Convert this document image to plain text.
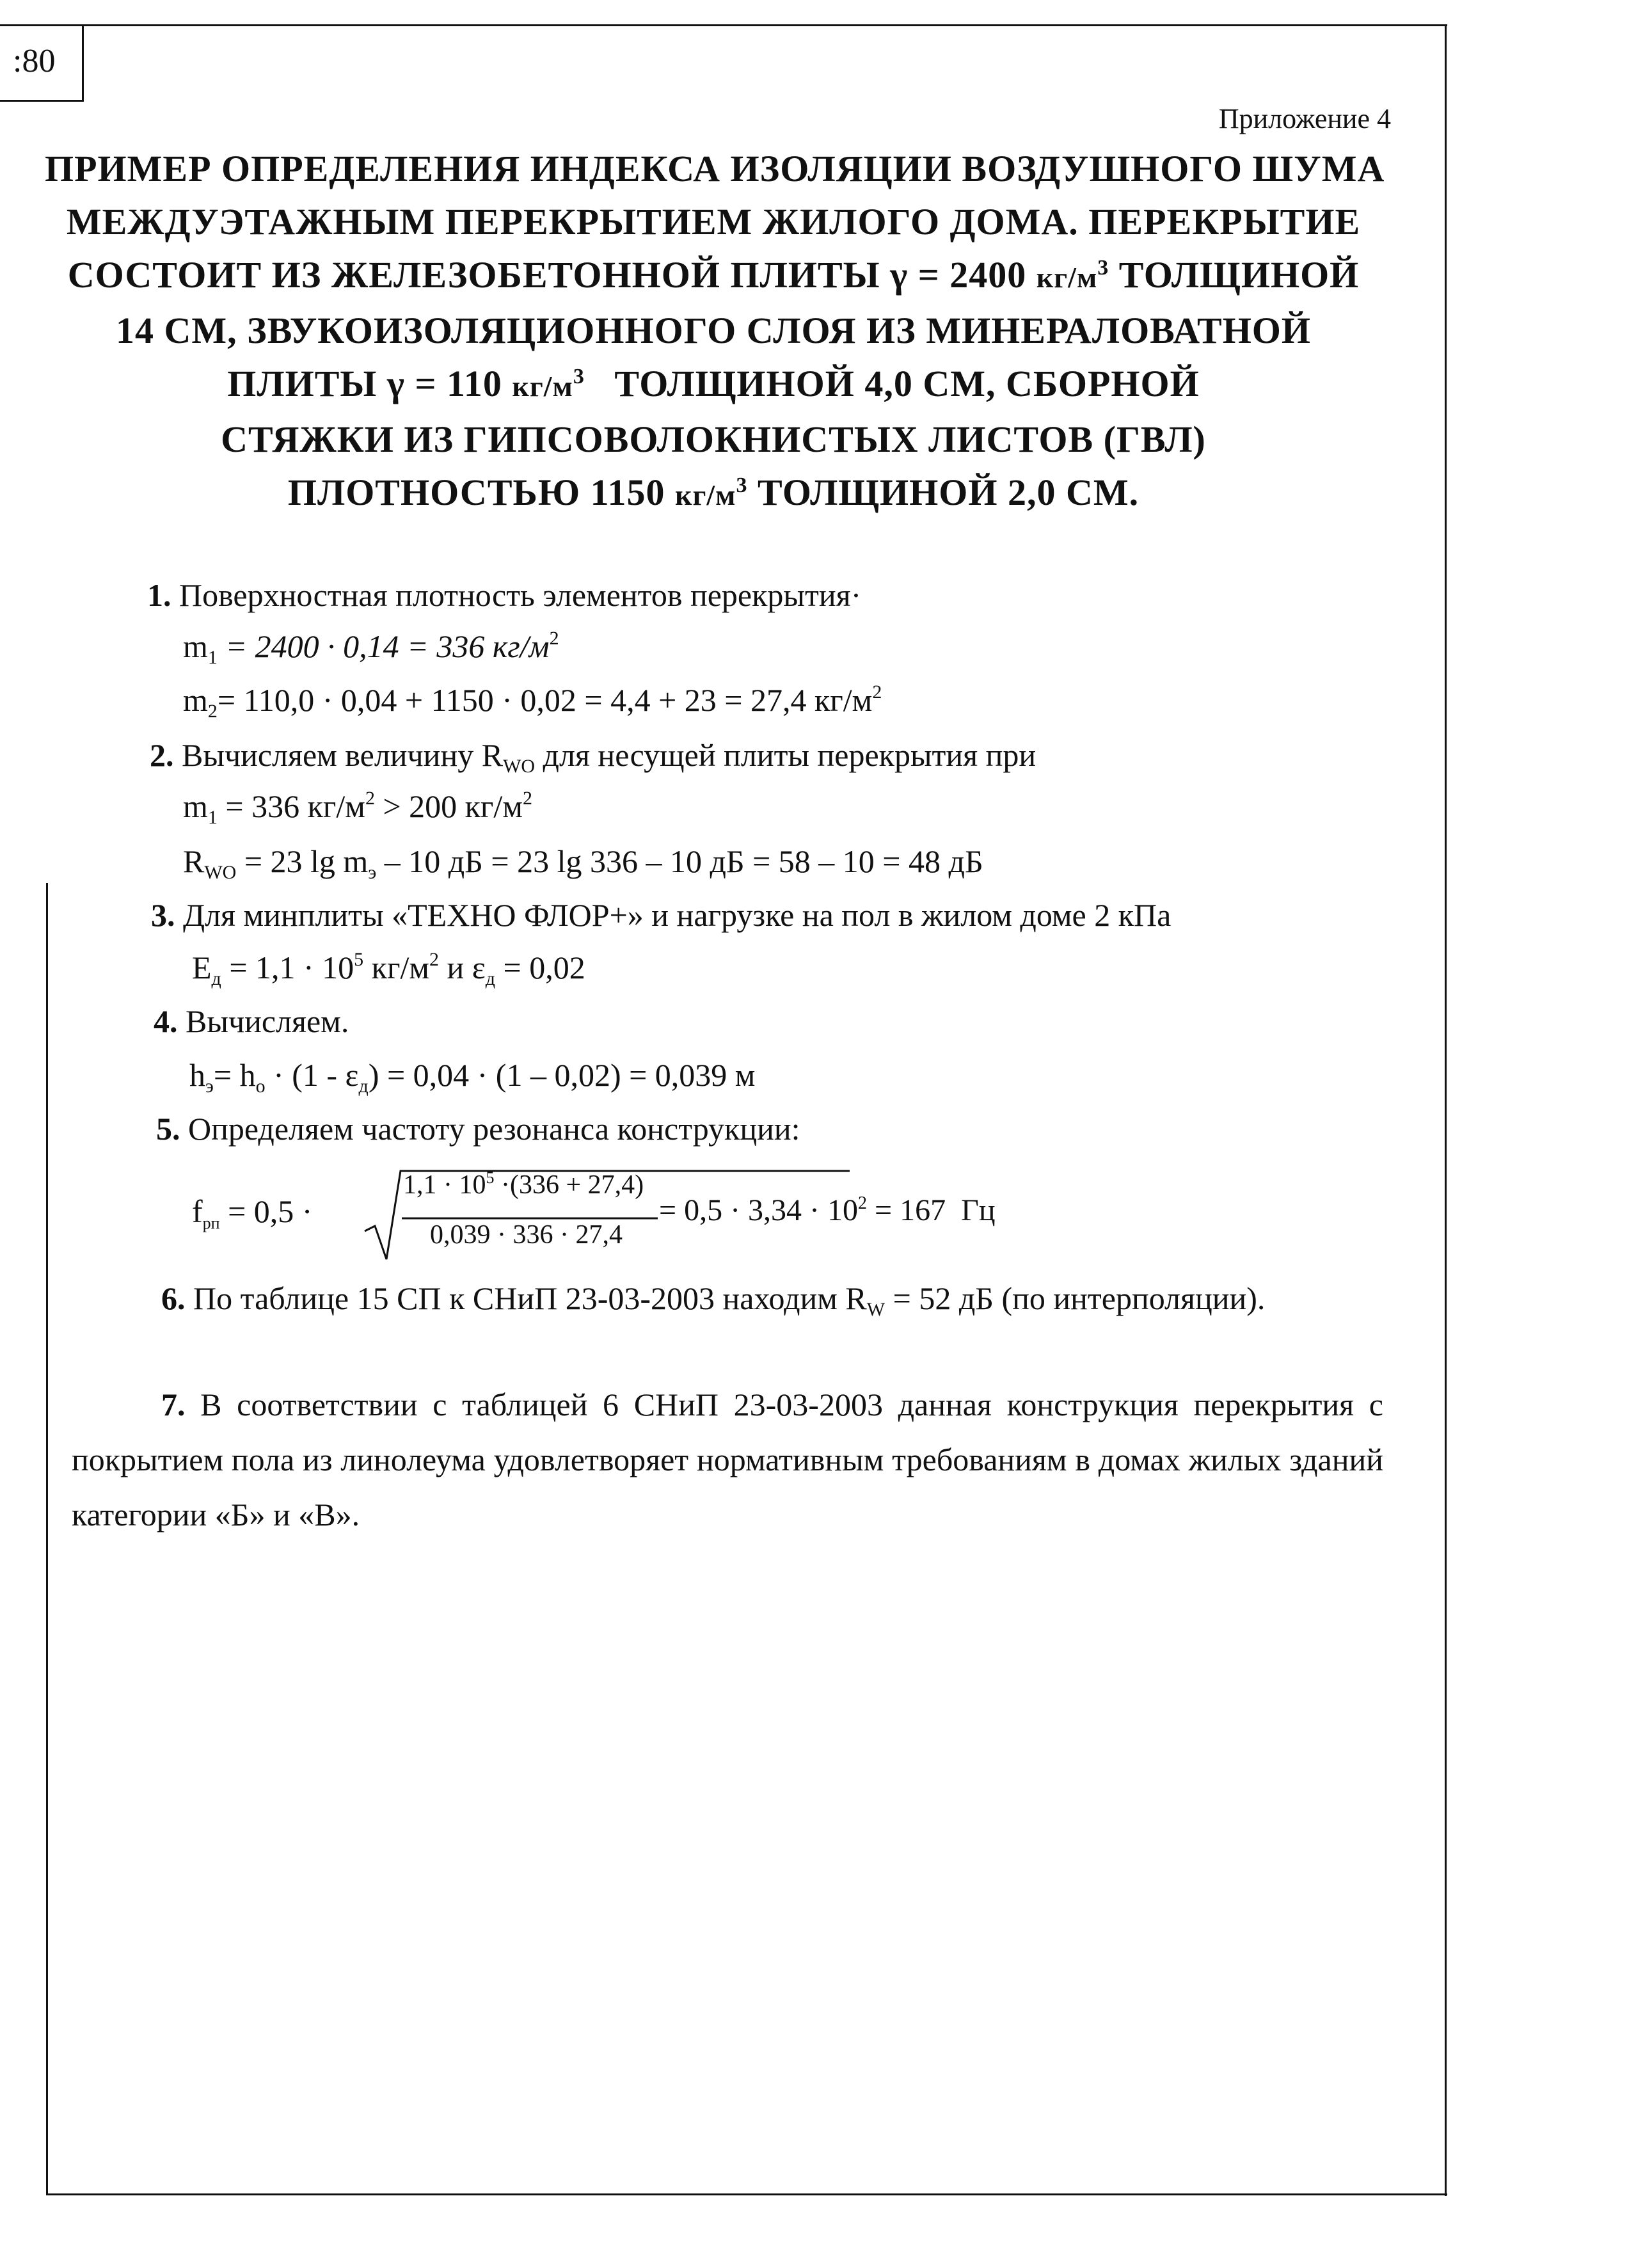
:80
Приложение 4
ПРИМЕР ОПРЕДЕЛЕНИЯ ИНДЕКСА ИЗОЛЯЦИИ ВОЗДУШНОГО ШУМА
МЕЖДУЭТАЖНЫМ ПЕРЕКРЫТИЕМ ЖИЛОГО ДОМА. ПЕРЕКРЫТИЕ
СОСТОИТ ИЗ ЖЕЛЕЗОБЕТОННОЙ ПЛИТЫ γ = 2400 $кг/м^3$ ТОЛЩИНОЙ
14 СМ, ЗВУКОИЗОЛЯЦИОННОГО СЛОЯ ИЗ МИНЕРАЛОВАТНОЙ
ПЛИТЫ γ = 110 $кг/м^3$   ТОЛЩИНОЙ 4,0 СМ, СБОРНОЙ
СТЯЖКИ ИЗ ГИПСОВОЛОКНИСТЫХ ЛИСТОВ (ГВЛ)
ПЛОТНОСТЬЮ 1150 $кг/м^3$ ТОЛЩИНОЙ 2,0 СМ.
1. Поверхностная плотность элементов перекрытия·
$m_1 = 2400 \cdot 0,14 = 336$ $кг/м^2$
$m_2= 110,0 \cdot 0,04 + 1150 \cdot 0,02 = 4,4 + 23 = 27,4$ $кг/м^2$
2. Вычисляем величину $R_{WO}$ для несущей плиты перекрытия при
$m_1 = 336$ $кг/м^2 > 200$ $кг/м^2$
$R_{WO} = 23$ $\lg m_э - 10$ дБ = 23 lg 336 – 10 дБ = 58 – 10 = 48 дБ
3. Для минплиты «ТЕХНО ФЛОР+» и нагрузке на пол в жилом доме 2 кПа
$Е_д = 1,1 \cdot 10^5$ $кг/м^2$ и $\varepsilon_д = 0,02$
4. Вычисляем.
$h_э= h_о \cdot (1 - \varepsilon_д) = 0,04 \cdot (1 - 0,02) = 0,039$ м
5. Определяем частоту резонанса конструкции:
$f_{рп} = 0,5$ ·
$1,1 \cdot 10^5 \cdot(336 + 27,4)$
0,039 · 336 · 27,4
= $0,5 \cdot 3,34 \cdot 10^2 = 167$  Гц

6. По таблице 15 СП к СНиП 23-03-2003 находим $R_W = 52$ дБ (по интерполяции).

7. В соответствии с таблицей 6 СНиП 23-03-2003 данная конструкция перекрытия с покрытием пола из линолеума удовлетворяет нормативным требованиям в домах жилых зданий категории «Б» и «В».
